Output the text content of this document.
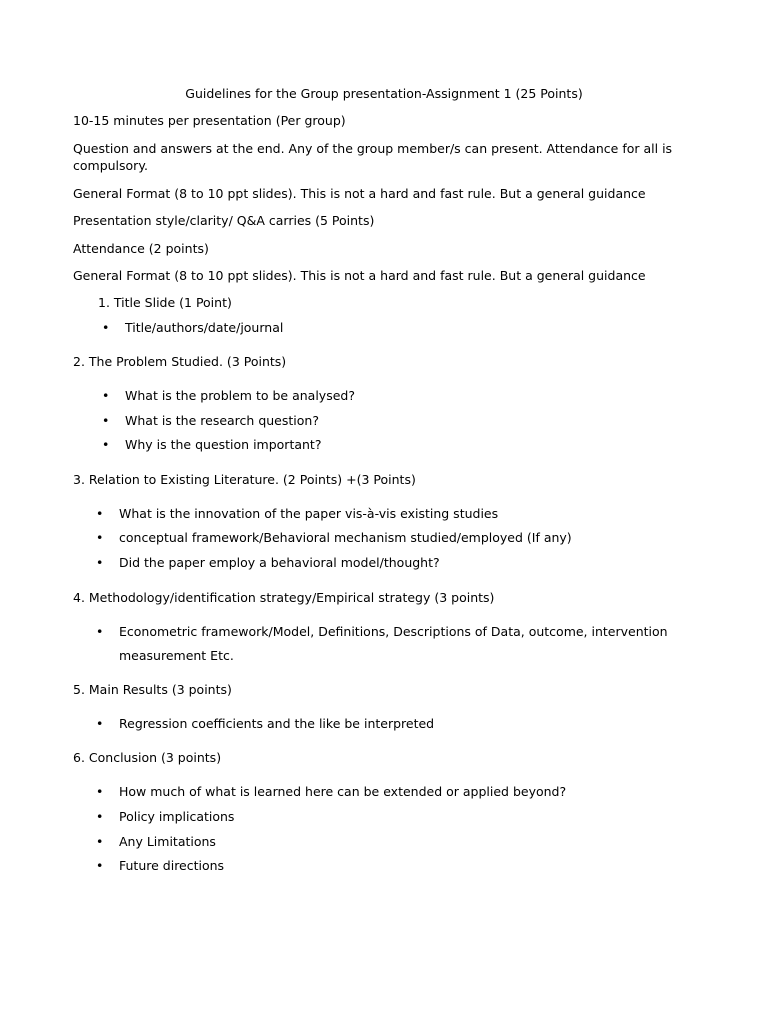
Guidelines for the Group presentation-Assignment 1 (25 Points)

10-15 minutes per presentation (Per group)

Question and answers at the end. Any of the group member/s can present. Attendance for all is

compulsory.

General Format (8 to 10 ppt slides). This is not a hard and fast rule. But a general guidance

Presentation style/clarity/ Q&A carries (5 Points)

Attendance (2 points)

General Format (8 to 10 ppt slides). This is not a hard and fast rule. But a general guidance

1. Title Slide (1 Point)

• Title/authors/date/journal

2. The Problem Studied. (3 Points)

• What is the problem to be analysed?

• What is the research question?

• Why is the question important?

3. Relation to Existing Literature. (2 Points) +(3 Points)

• What is the innovation of the paper vis-à-vis existing studies

• conceptual framework/Behavioral mechanism studied/employed (If any)

• Did the paper employ a behavioral model/thought?

4. Methodology/identification strategy/Empirical strategy (3 points)

• Econometric framework/Model, Definitions, Descriptions of Data, outcome, intervention

measurement Etc.

5. Main Results (3 points)

• Regression coefficients and the like be interpreted

6. Conclusion (3 points)

• How much of what is learned here can be extended or applied beyond?

• Policy implications

• Any Limitations

• Future directions
